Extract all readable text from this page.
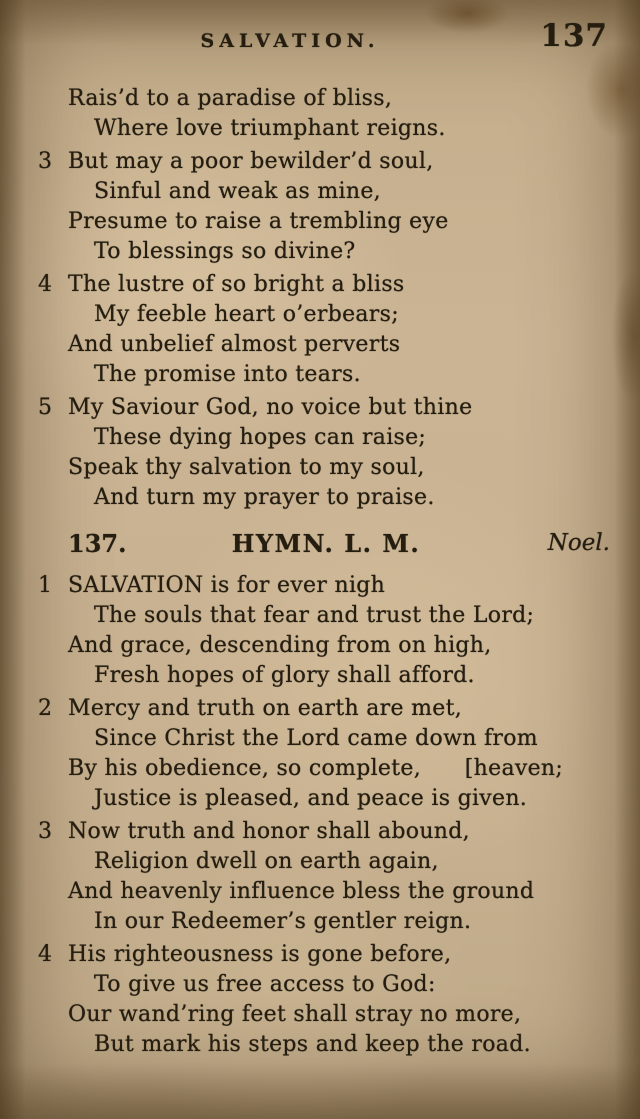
SALVATION.	137
Rais’d to a paradise of bliss,
Where love triumphant reigns.
3 But may a poor bewilder’d soul,
Sinful and weak as mine,
Presume to raise a trembling eye
To blessings so divine?
4 The lustre of so bright a bliss
My feeble heart o’erbears;
And unbelief almost perverts
The promise into tears.
5 My Saviour God, no voice but thine
These dying hopes can raise;
Speak thy salvation to my soul,
And turn my prayer to praise.
137.	HYMN. L. M.	Noel.
1 SALVATION is for ever nigh
The souls that fear and trust the Lord;
And grace, descending from on high,
Fresh hopes of glory shall afford.
2 Mercy and truth on earth are met,
Since Christ the Lord came down from
By his obedience, so complete,      [heaven;
Justice is pleased, and peace is given.
3 Now truth and honor shall abound,
Religion dwell on earth again,
And heavenly influence bless the ground
In our Redeemer’s gentler reign.
4 His righteousness is gone before,
To give us free access to God:
Our wand’ring feet shall stray no more,
But mark his steps and keep the road.
